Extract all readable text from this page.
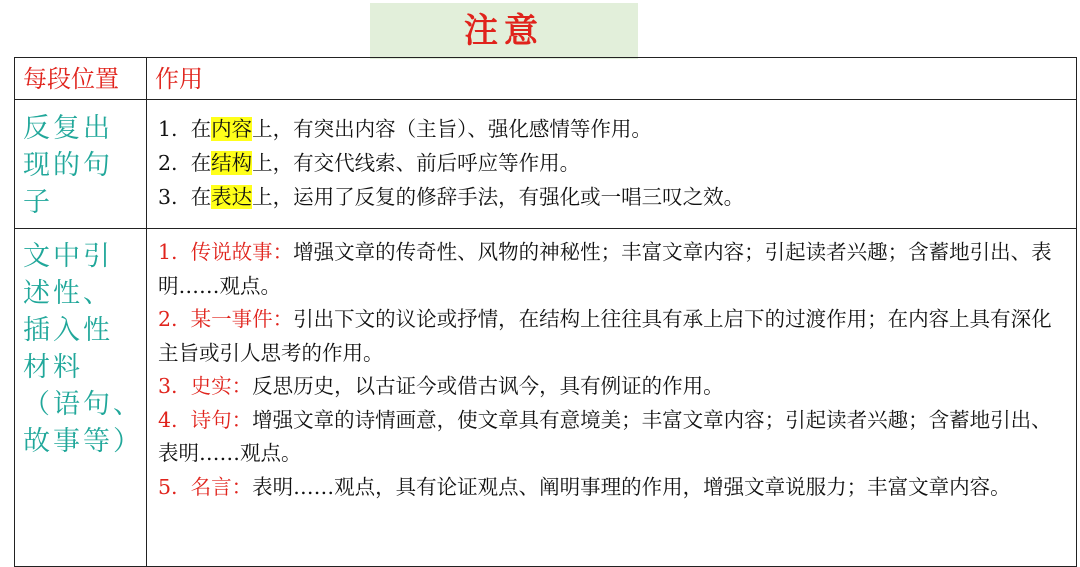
注意
每段位置 作用
反复出
现的句
子
1. 在内容上，有突出内容（主旨）、强化感情等作用。
2. 在结构上，有交代线索、前后呼应等作用。
3. 在表达上，运用了反复的修辞手法，有强化或一唱三叹之效。
文中引
述性、
插入性
材料
（语句、
故事等）
1. 传说故事：增强文章的传奇性、风物的神秘性；丰富文章内容；引起读者兴趣；含蓄地引出、表明……观点。
2. 某一事件：引出下文的议论或抒情，在结构上往往具有承上启下的过渡作用；在内容上具有深化主旨或引人思考的作用。
3. 史实：反思历史，以古证今或借古讽今，具有例证的作用。
4. 诗句：增强文章的诗情画意，使文章具有意境美；丰富文章内容；引起读者兴趣；含蓄地引出、表明……观点。
5. 名言：表明……观点，具有论证观点、阐明事理的作用，增强文章说服力；丰富文章内容。
